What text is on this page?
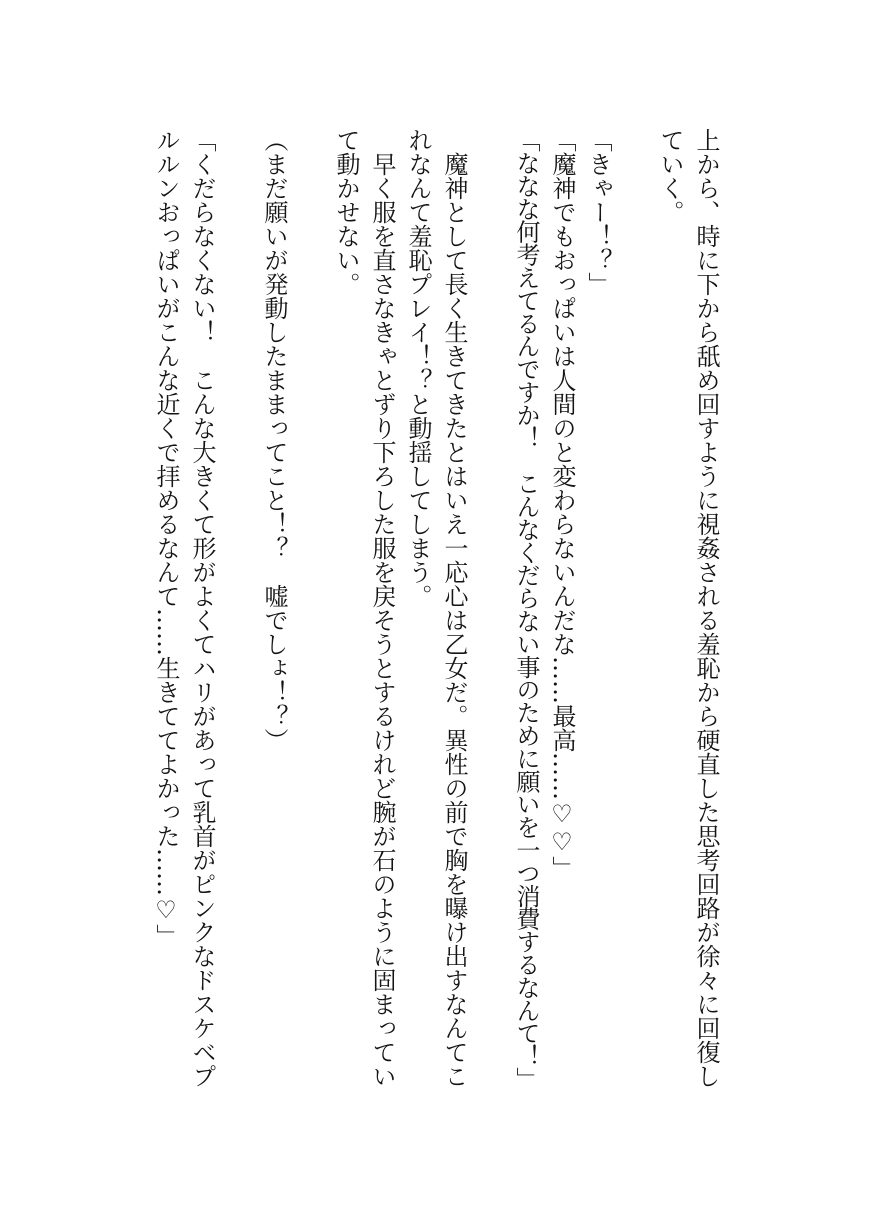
上から、時に下から舐め回すように視姦される羞恥から硬直した思考回路が徐々に回復し
ていく。
「きゃー！？」
「魔神でもおっぱいは人間のと変わらないんだな……最高……♡♡」
「ななな何考えてるんですか！　こんなくだらない事のために願いを一つ消費するなんて！」
　魔神として長く生きてきたとはいえ一応心は乙女だ。異性の前で胸を曝け出すなんてこ
れなんて羞恥プレイ！？と動揺してしまう。
　早く服を直さなきゃとずり下ろした服を戻そうとするけれど腕が石のように固まってい
て動かせない。
（まだ願いが発動したままってこと！？　嘘でしょ！？）
「くだらなくない！　こんな大きくて形がよくてハリがあって乳首がピンクなドスケベプ
ルルンおっぱいがこんな近くで拝めるなんて……生きててよかった……♡」
